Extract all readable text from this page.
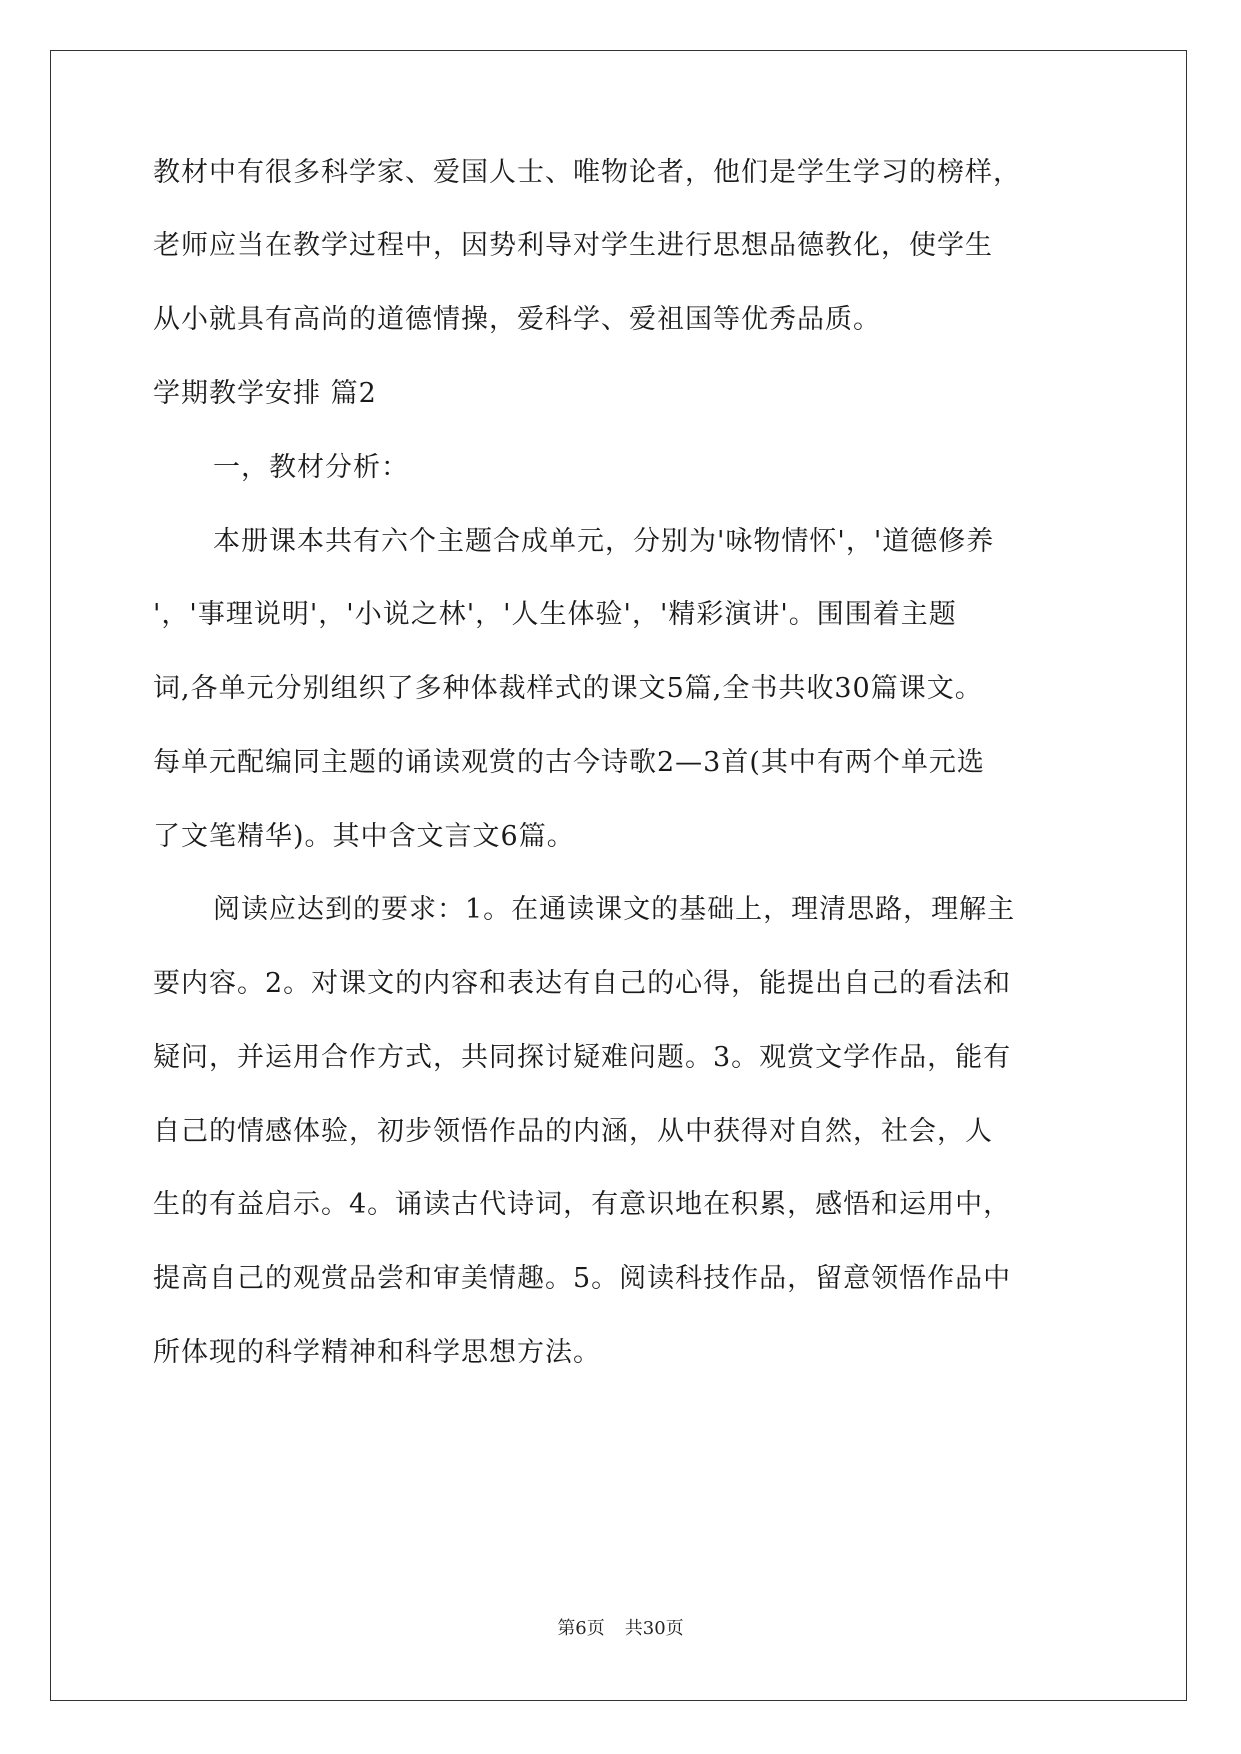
教材中有很多科学家、爱国人士、唯物论者，他们是学生学习的榜样，
老师应当在教学过程中，因势利导对学生进行思想品德教化，使学生
从小就具有高尚的道德情操，爱科学、爱祖国等优秀品质。
学期教学安排 篇2
一，教材分析：
本册课本共有六个主题合成单元，分别为'咏物情怀'，'道德修养
'，'事理说明'，'小说之林'，'人生体验'，'精彩演讲'。围围着主题
词,各单元分别组织了多种体裁样式的课文5篇,全书共收30篇课文。
每单元配编同主题的诵读观赏的古今诗歌2—3首(其中有两个单元选
了文笔精华)。其中含文言文6篇。
阅读应达到的要求：1。在通读课文的基础上，理清思路，理解主
要内容。2。对课文的内容和表达有自己的心得，能提出自己的看法和
疑问，并运用合作方式，共同探讨疑难问题。3。观赏文学作品，能有
自己的情感体验，初步领悟作品的内涵，从中获得对自然，社会，人
生的有益启示。4。诵读古代诗词，有意识地在积累，感悟和运用中，
提高自己的观赏品尝和审美情趣。5。阅读科技作品，留意领悟作品中
所体现的科学精神和科学思想方法。
第6页 共30页
